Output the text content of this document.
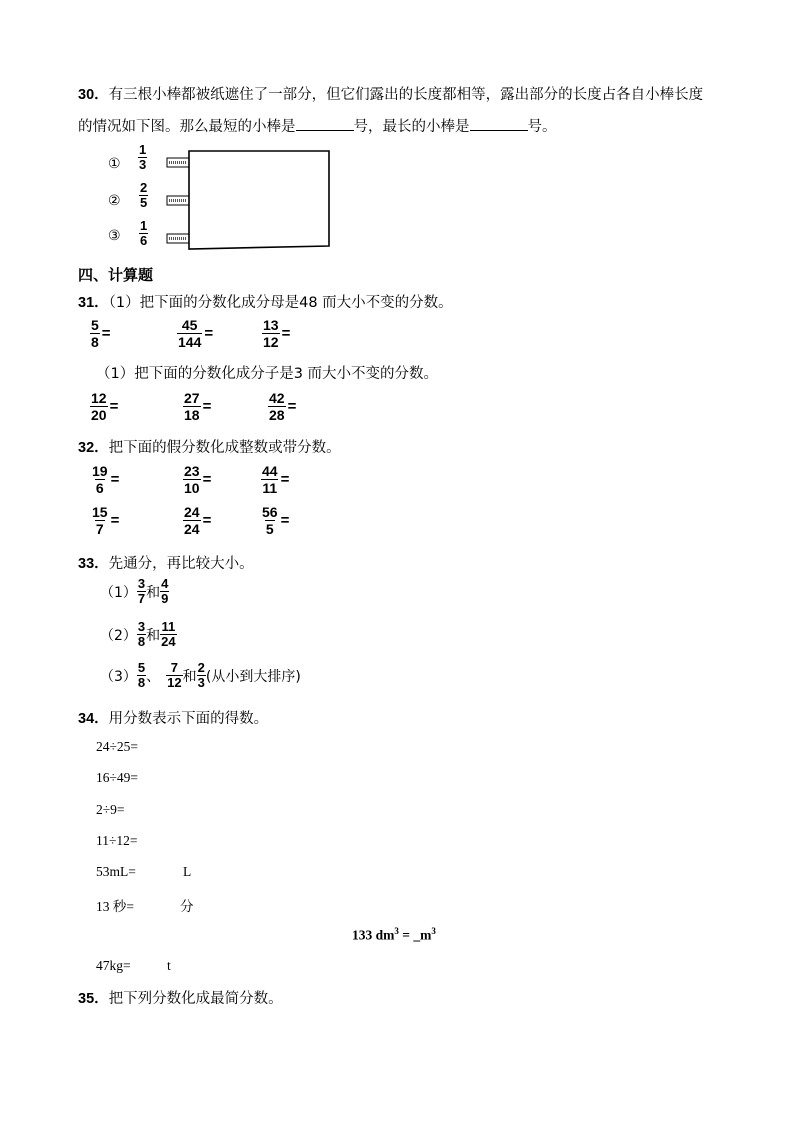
30．有三根小棒都被纸遮住了一部分，但它们露出的长度都相等，露出部分的长度占各自小棒长度
的情况如下图。那么最短的小棒是	号，最长的小棒是	号。
① $\frac{1}{3}$
② $\frac{2}{5}$
③ $\frac{1}{6}$
四、计算题
31．（1）把下面的分数化成分母是48 而大小不变的分数。
$\frac{5}{8}$ =	$\frac{45}{144}$ =	$\frac{13}{12}$ =
（1）把下面的分数化成分子是3 而大小不变的分数。
$\frac{12}{20}$ =	$\frac{27}{18}$ =	$\frac{42}{28}$ =
32．把下面的假分数化成整数或带分数。
$\frac{19}{6}$ =	$\frac{23}{10}$ =	$\frac{44}{11}$ =
$\frac{15}{7}$ =	$\frac{24}{24}$ =	$\frac{56}{5}$ =
33．先通分，再比较大小。
$(1) \frac{3}{7}$ 和 $\frac{4}{9}$
$(2) \frac{3}{8}$ 和 $\frac{11}{24}$
$(3) \frac{5}{8}$ 、 $\frac{7}{12}$ 和 $\frac{2}{3}$ (从小到大排序)
34．用分数表示下面的得数。
24÷25=
16÷49=
2÷9=
11÷12=
53mL=	L
13 秒=	分
133 $dm^3$ = $\_m^3$
47kg=	t
35．把下列分数化成最简分数。
